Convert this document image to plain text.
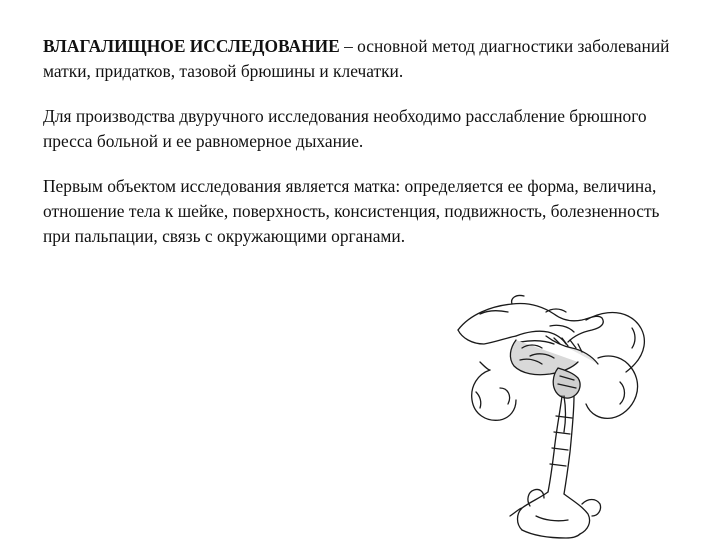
ВЛАГАЛИЩНОЕ ИССЛЕДОВАНИЕ – основной метод диагностики заболеваний матки, придатков, тазовой брюшины и клечатки.

Для производства двуручного исследования необходимо расслабление брюшного пресса больной и ее равномерное дыхание.

Первым объектом исследования является матка: определяется ее форма, величина, отношение тела к шейке, поверхность, консистенция, подвижность, болезненность при пальпации, связь с окружающими органами.
